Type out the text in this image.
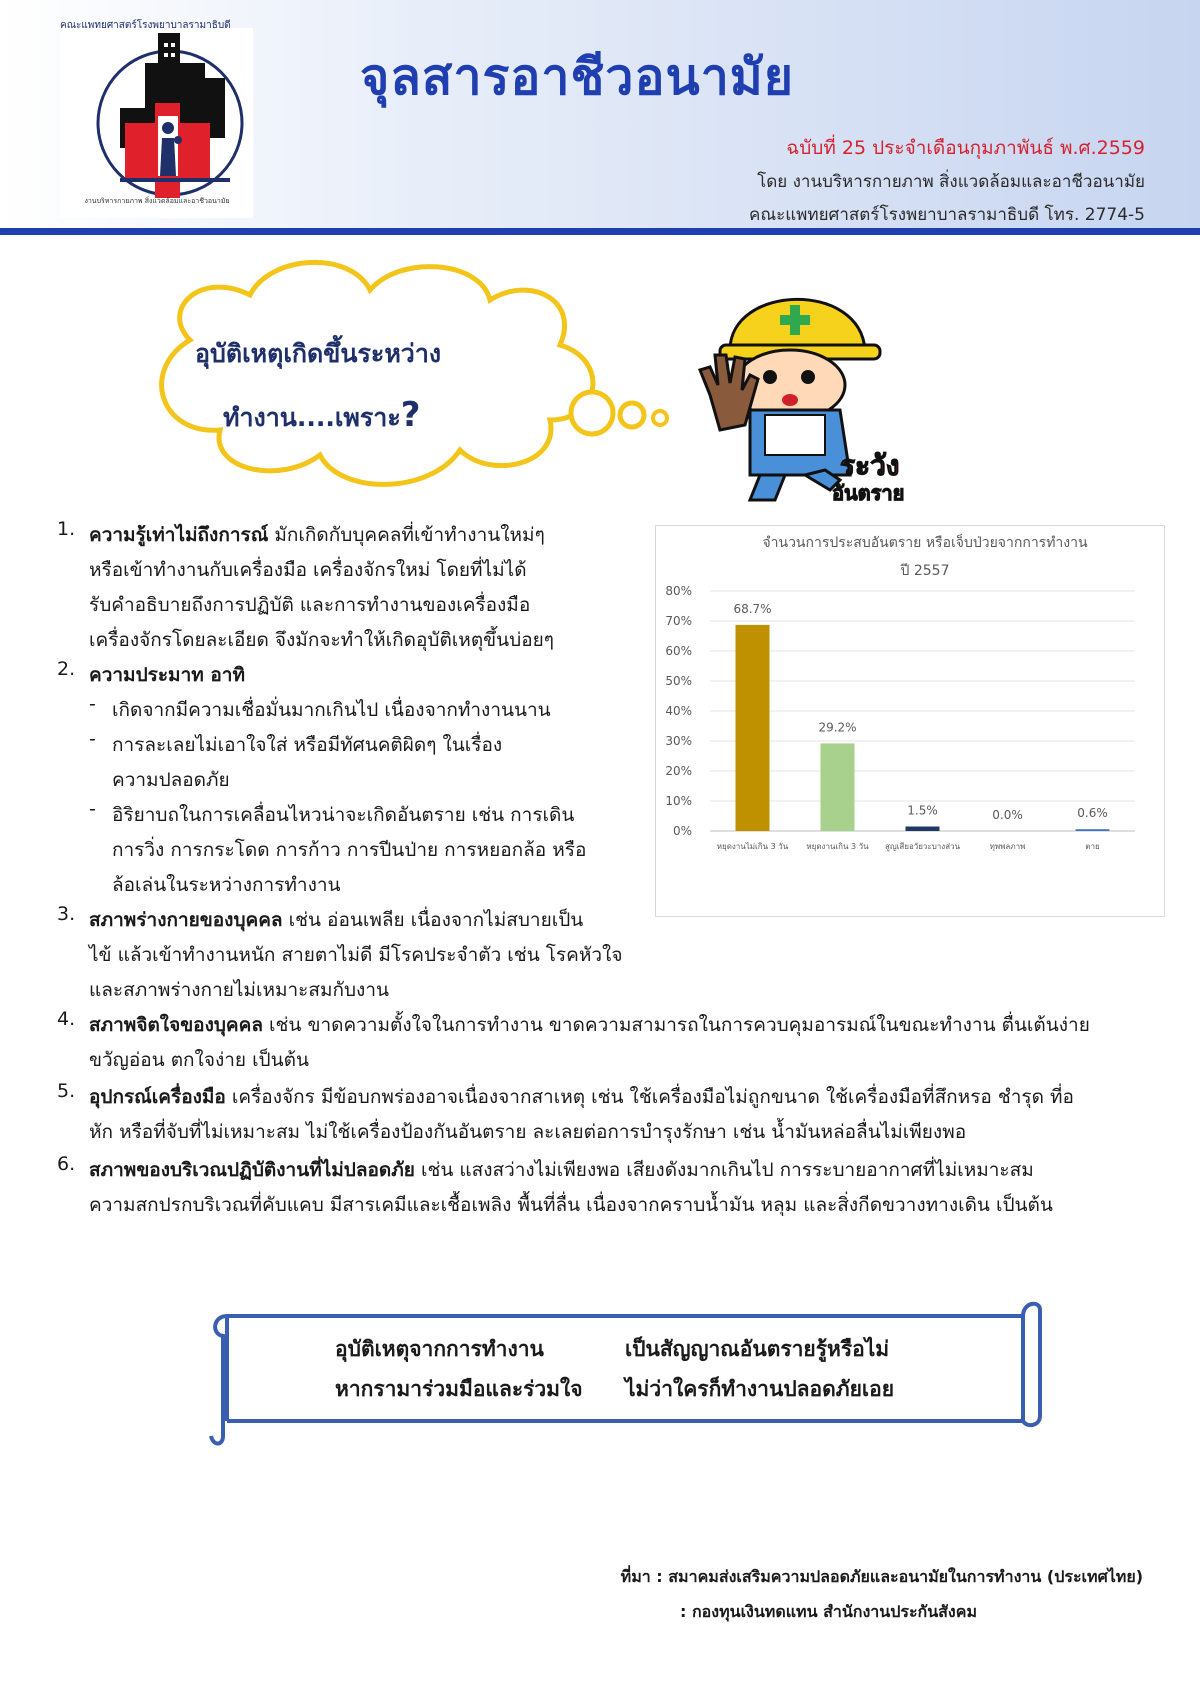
คณะแพทยศาสตร์โรงพยาบาลรามาธิบดี
งานบริหารกายภาพ สิ่งแวดล้อมและอาชีวอนามัย
จุลสารอาชีวอนามัย
ฉบับที่ 25 ประจำเดือนกุมภาพันธ์ พ.ศ.2559
โดย งานบริหารกายภาพ สิ่งแวดล้อมและอาชีวอนามัย
คณะแพทยศาสตร์โรงพยาบาลรามาธิบดี โทร. 2774-5
อุบัติเหตุเกิดขึ้นระหว่าง
ทำงาน....เพราะ?
ระวัง
อันตราย
จำนวนการประสบอันตราย หรือเจ็บป่วยจากการทำงาน
ปี 2557
0%
10%
20%
30%
40%
50%
60%
70%
80%
68.7%
29.2%
1.5%	0.0%	0.6%
หยุดงานไม่เกิน 3 วัน หยุดงานเกิน 3 วัน สูญเสียอวัยวะบางส่วน	ทุพพลภาพ	ตาย
1. ความรู้เท่าไม่ถึงการณ์ มักเกิดกับบุคคลที่เข้าทำงานใหม่ๆ
หรือเข้าทำงานกับเครื่องมือ เครื่องจักรใหม่ โดยที่ไม่ได้
รับคำอธิบายถึงการปฏิบัติ และการทำงานของเครื่องมือ
เครื่องจักรโดยละเอียด จึงมักจะทำให้เกิดอุบัติเหตุขึ้นบ่อยๆ
2. ความประมาท อาทิ
- เกิดจากมีความเชื่อมั่นมากเกินไป เนื่องจากทำงานนาน
- การละเลยไม่เอาใจใส่ หรือมีทัศนคติผิดๆ ในเรื่อง
ความปลอดภัย
- อิริยาบถในการเคลื่อนไหวน่าจะเกิดอันตราย เช่น การเดิน
การวิ่ง การกระโดด การก้าว การปีนป่าย การหยอกล้อ หรือ
ล้อเล่นในระหว่างการทำงาน
3. สภาพร่างกายของบุคคล เช่น อ่อนเพลีย เนื่องจากไม่สบายเป็น
ไข้ แล้วเข้าทำงานหนัก สายตาไม่ดี มีโรคประจำตัว เช่น โรคหัวใจ
และสภาพร่างกายไม่เหมาะสมกับงาน
4. สภาพจิตใจของบุคคล เช่น ขาดความตั้งใจในการทำงาน ขาดความสามารถในการควบคุมอารมณ์ในขณะทำงาน ตื่นเต้นง่าย
ขวัญอ่อน ตกใจง่าย เป็นต้น
5. อุปกรณ์เครื่องมือ เครื่องจักร มีข้อบกพร่องอาจเนื่องจากสาเหตุ เช่น ใช้เครื่องมือไม่ถูกขนาด ใช้เครื่องมือที่สึกหรอ ชำรุด ที่อ
หัก หรือที่จับที่ไม่เหมาะสม ไม่ใช้เครื่องป้องกันอันตราย ละเลยต่อการบำรุงรักษา เช่น น้ำมันหล่อลื่นไม่เพียงพอ
6. สภาพของบริเวณปฏิบัติงานที่ไม่ปลอดภัย เช่น แสงสว่างไม่เพียงพอ เสียงดังมากเกินไป การระบายอากาศที่ไม่เหมาะสม
ความสกปรกบริเวณที่คับแคบ มีสารเคมีและเชื้อเพลิง พื้นที่ลื่น เนื่องจากคราบน้ำมัน หลุม และสิ่งกีดขวางทางเดิน เป็นต้น
อุบัติเหตุจากการทำงาน	เป็นสัญญาณอันตรายรู้หรือไม่
หากรามาร่วมมือและร่วมใจ ไม่ว่าใครก็ทำงานปลอดภัยเอย
ที่มา : สมาคมส่งเสริมความปลอดภัยและอนามัยในการทำงาน (ประเทศไทย)
: กองทุนเงินทดแทน สำนักงานประกันสังคม
